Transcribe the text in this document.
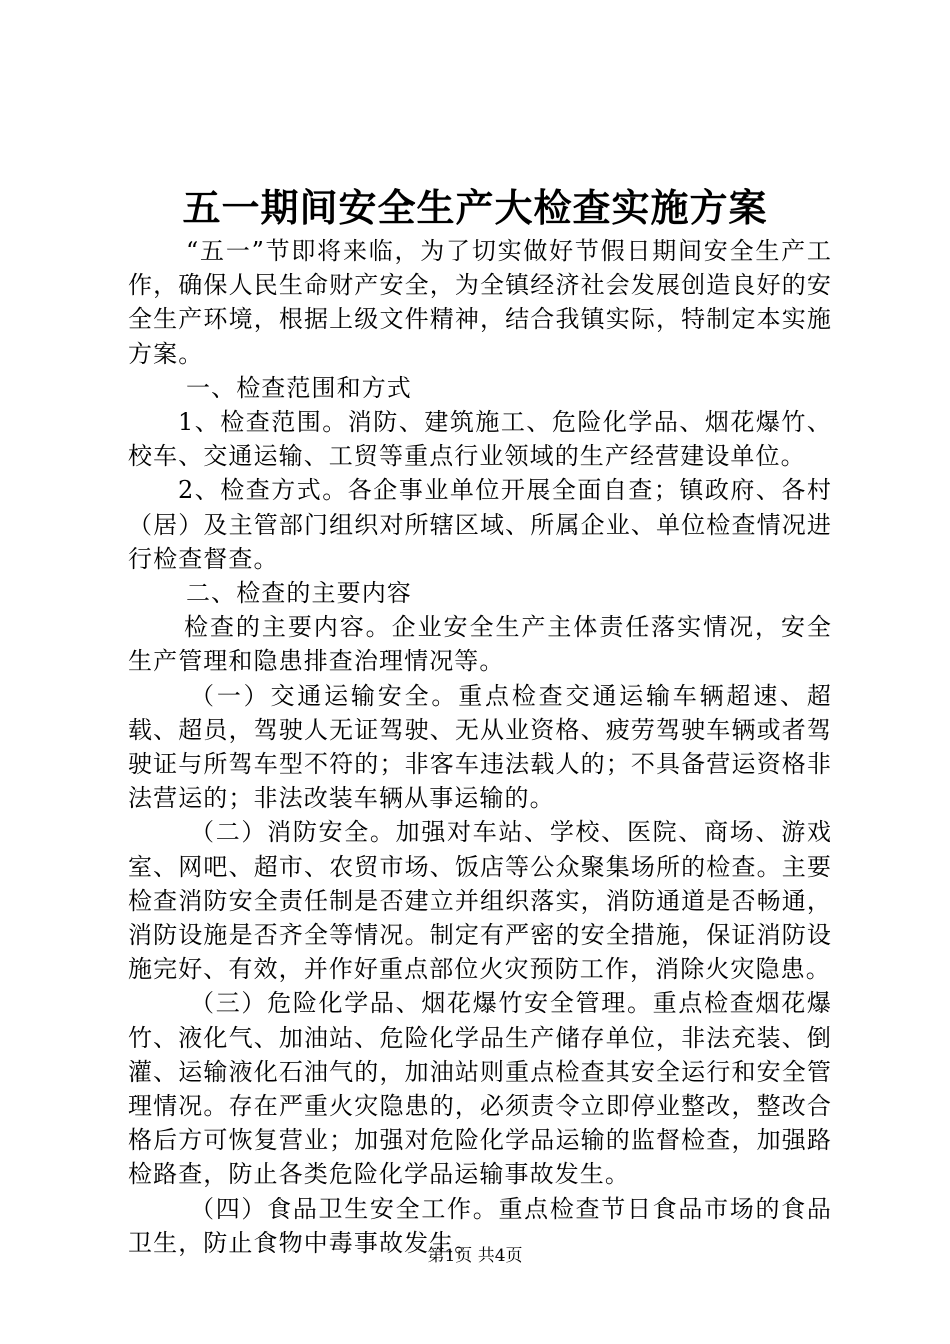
五一期间安全生产大检查实施方案

“五一”节即将来临，为了切实做好节假日期间安全生产工作，确保人民生命财产安全，为全镇经济社会发展创造良好的安全生产环境，根据上级文件精神，结合我镇实际，特制定本实施方案。

一、检查范围和方式

1、检查范围。消防、建筑施工、危险化学品、烟花爆竹、校车、交通运输、工贸等重点行业领域的生产经营建设单位。

2、检查方式。各企事业单位开展全面自查；镇政府、各村（居）及主管部门组织对所辖区域、所属企业、单位检查情况进行检查督查。

二、检查的主要内容

检查的主要内容。企业安全生产主体责任落实情况，安全生产管理和隐患排查治理情况等。

（一）交通运输安全。重点检查交通运输车辆超速、超载、超员，驾驶人无证驾驶、无从业资格、疲劳驾驶车辆或者驾驶证与所驾车型不符的；非客车违法载人的；不具备营运资格非法营运的；非法改装车辆从事运输的。

（二）消防安全。加强对车站、学校、医院、商场、游戏室、网吧、超市、农贸市场、饭店等公众聚集场所的检查。主要检查消防安全责任制是否建立并组织落实，消防通道是否畅通，消防设施是否齐全等情况。制定有严密的安全措施，保证消防设施完好、有效，并作好重点部位火灾预防工作，消除火灾隐患。

（三）危险化学品、烟花爆竹安全管理。重点检查烟花爆竹、液化气、加油站、危险化学品生产储存单位，非法充装、倒灌、运输液化石油气的，加油站则重点检查其安全运行和安全管理情况。存在严重火灾隐患的，必须责令立即停业整改，整改合格后方可恢复营业；加强对危险化学品运输的监督检查，加强路检路查，防止各类危险化学品运输事故发生。

（四）食品卫生安全工作。重点检查节日食品市场的食品卫生，防止食物中毒事故发生。

第1页 共4页
